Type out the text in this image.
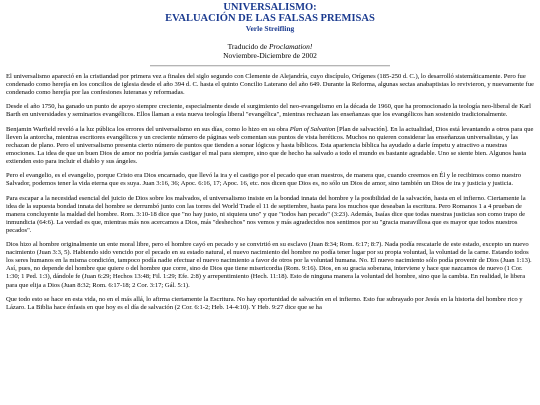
UNIVERSALISMO:

EVALUACIÓN DE LAS FALSAS PREMISAS

Verle Streifling

Traducido de Proclamation!
Noviembre-Diciembre de 2002

El universalismo apareció en la cristiandad por primera vez a finales del siglo segundo con Clemente de Alejandría, cuyo discípulo, Orígenes (185-250 d. C.), lo desarrolló sistemáticamente. Pero fue condenado como herejía en los concilios de iglesia desde el año 394 d. C. hasta el quinto Concilio Laterano del año 649. Durante la Reforma, algunas sectas anabaptistas lo revivieron, y nuevamente fue condenado como herejía por las confesiones luteranas y reformadas.

Desde el año 1750, ha ganado un punto de apoyo siempre creciente, especialmente desde el surgimiento del neo-evangelismo en la década de 1960, que ha promocionado la teología neo-liberal de Karl Barth en universidades y seminarios evangélicos. Ellos llaman a esta nueva teología liberal "evangélica", mientras rechazan las enseñanzas que los evangélicos han sostenido tradicionalmente.

Benjamin Warfield reveló a la luz pública los errores del universalismo en sus días, como lo hizo en su obra Plan of Salvation [Plan de salvación]. En la actualidad, Dios está levantando a otros para que lleven la antorcha, mientras escritores evangélicos y un creciente número de páginas web comentan sus puntos de vista heréticos. Muchos no quieren considerar las enseñanzas universalistas, y las rechazan de plano. Pero el universalismo presenta cierto número de puntos que tienden a sonar lógicos y hasta bíblicos. Esta apariencia bíblica ha ayudado a darle ímpetu y atractivo a nuestras emociones. La idea de que un buen Dios de amor no podría jamás castigar el mal para siempre, sino que de hecho ha salvado a todo el mundo es bastante agradable. Uno se siente bien. Algunos hasta extienden esto para incluir el diablo y sus ángeles.

Pero el evangelio, es el evangelio, porque Cristo era Dios encarnado, que llevó la ira y el castigo por el pecado que eran nuestros, de manera que, cuando creemos en Él y le recibimos como nuestro Salvador, podemos tener la vida eterna que es suya. Juan 3:16, 36; Apoc. 6:16, 17; Apoc. 16, etc. nos dicen que Dios es, no sólo un Dios de amor, sino también un Dios de ira y justicia y justicia.

Para escapar a la necesidad esencial del juicio de Dios sobre los malvados, el universalismo insiste en la bondad innata del hombre y la posibilidad de la salvación, hasta en el infierno. Ciertamente la idea de la supuesta bondad innata del hombre se derrumbó junto con las torres del World Trade el 11 de septiembre, hasta para los muchos que deseaban la escritura. Pero Romanos 1 a 4 prueban de manera concluyente la maldad del hombre. Rom. 3:10-18 dice que "no hay justo, ni siquiera uno" y que "todos han pecado" (3:23). Además, Isaías dice que todas nuestras justicias son como trapo de inmundicia (64:6). La verdad es que, mientras más nos acercamos a Dios, más "deshechos" nos vemos y más agradecidos nos sentimos por su "gracia maravillosa que es mayor que todos nuestros pecados".

Dios hizo al hombre originalmente un ente moral libre, pero el hombre cayó en pecado y se convirtió en su esclavo (Juan 8:34; Rom. 6:17; 8:7). Nada podía rescatarle de este estado, excepto un nuevo nacimiento (Juan 3:3, 5). Habiendo sido vencido por el pecado en su estado natural, el nuevo nacimiento del hombre no podía tener lugar por su propia voluntad, la voluntad de la carne. Estando todos los seres humanos en la misma condición, tampoco podía nadie efectuar el nuevo nacimiento a favor de otros por la voluntad humana. No. El nuevo nacimiento sólo podía provenir de Dios (Juan 1:13). Así, pues, no depende del hombre que quiere o del hombre que corre, sino de Dios que tiene misericordia (Rom. 9:16). Dios, en su gracia soberana, interviene y hace que nazcamos de nuevo (1 Cor. 1:30; 1 Ped. 1:3), dándole fe (Juan 6:29; Hechos 13:48; Fil. 1:29; Efe. 2:8) y arrepentimiento (Hech. 11:18). Esto de ninguna manera la voluntad del hombre, sino que la cambia. En realidad, le libera para que elija a Dios (Juan 8:32; Rom. 6:17-18; 2 Cor. 3:17; Gál. 5:1).

Que todo esto se hace en esta vida, no en el más allá, lo afirma ciertamente la Escritura. No hay oportunidad de salvación en el infierno. Esto fue subrayado por Jesús en la historia del hombre rico y Lázaro. La Biblia hace énfasis en que hoy es el día de salvación (2 Cor. 6:1-2; Heb. 14-4:10). Y Heb. 9:27 dice que se ha
